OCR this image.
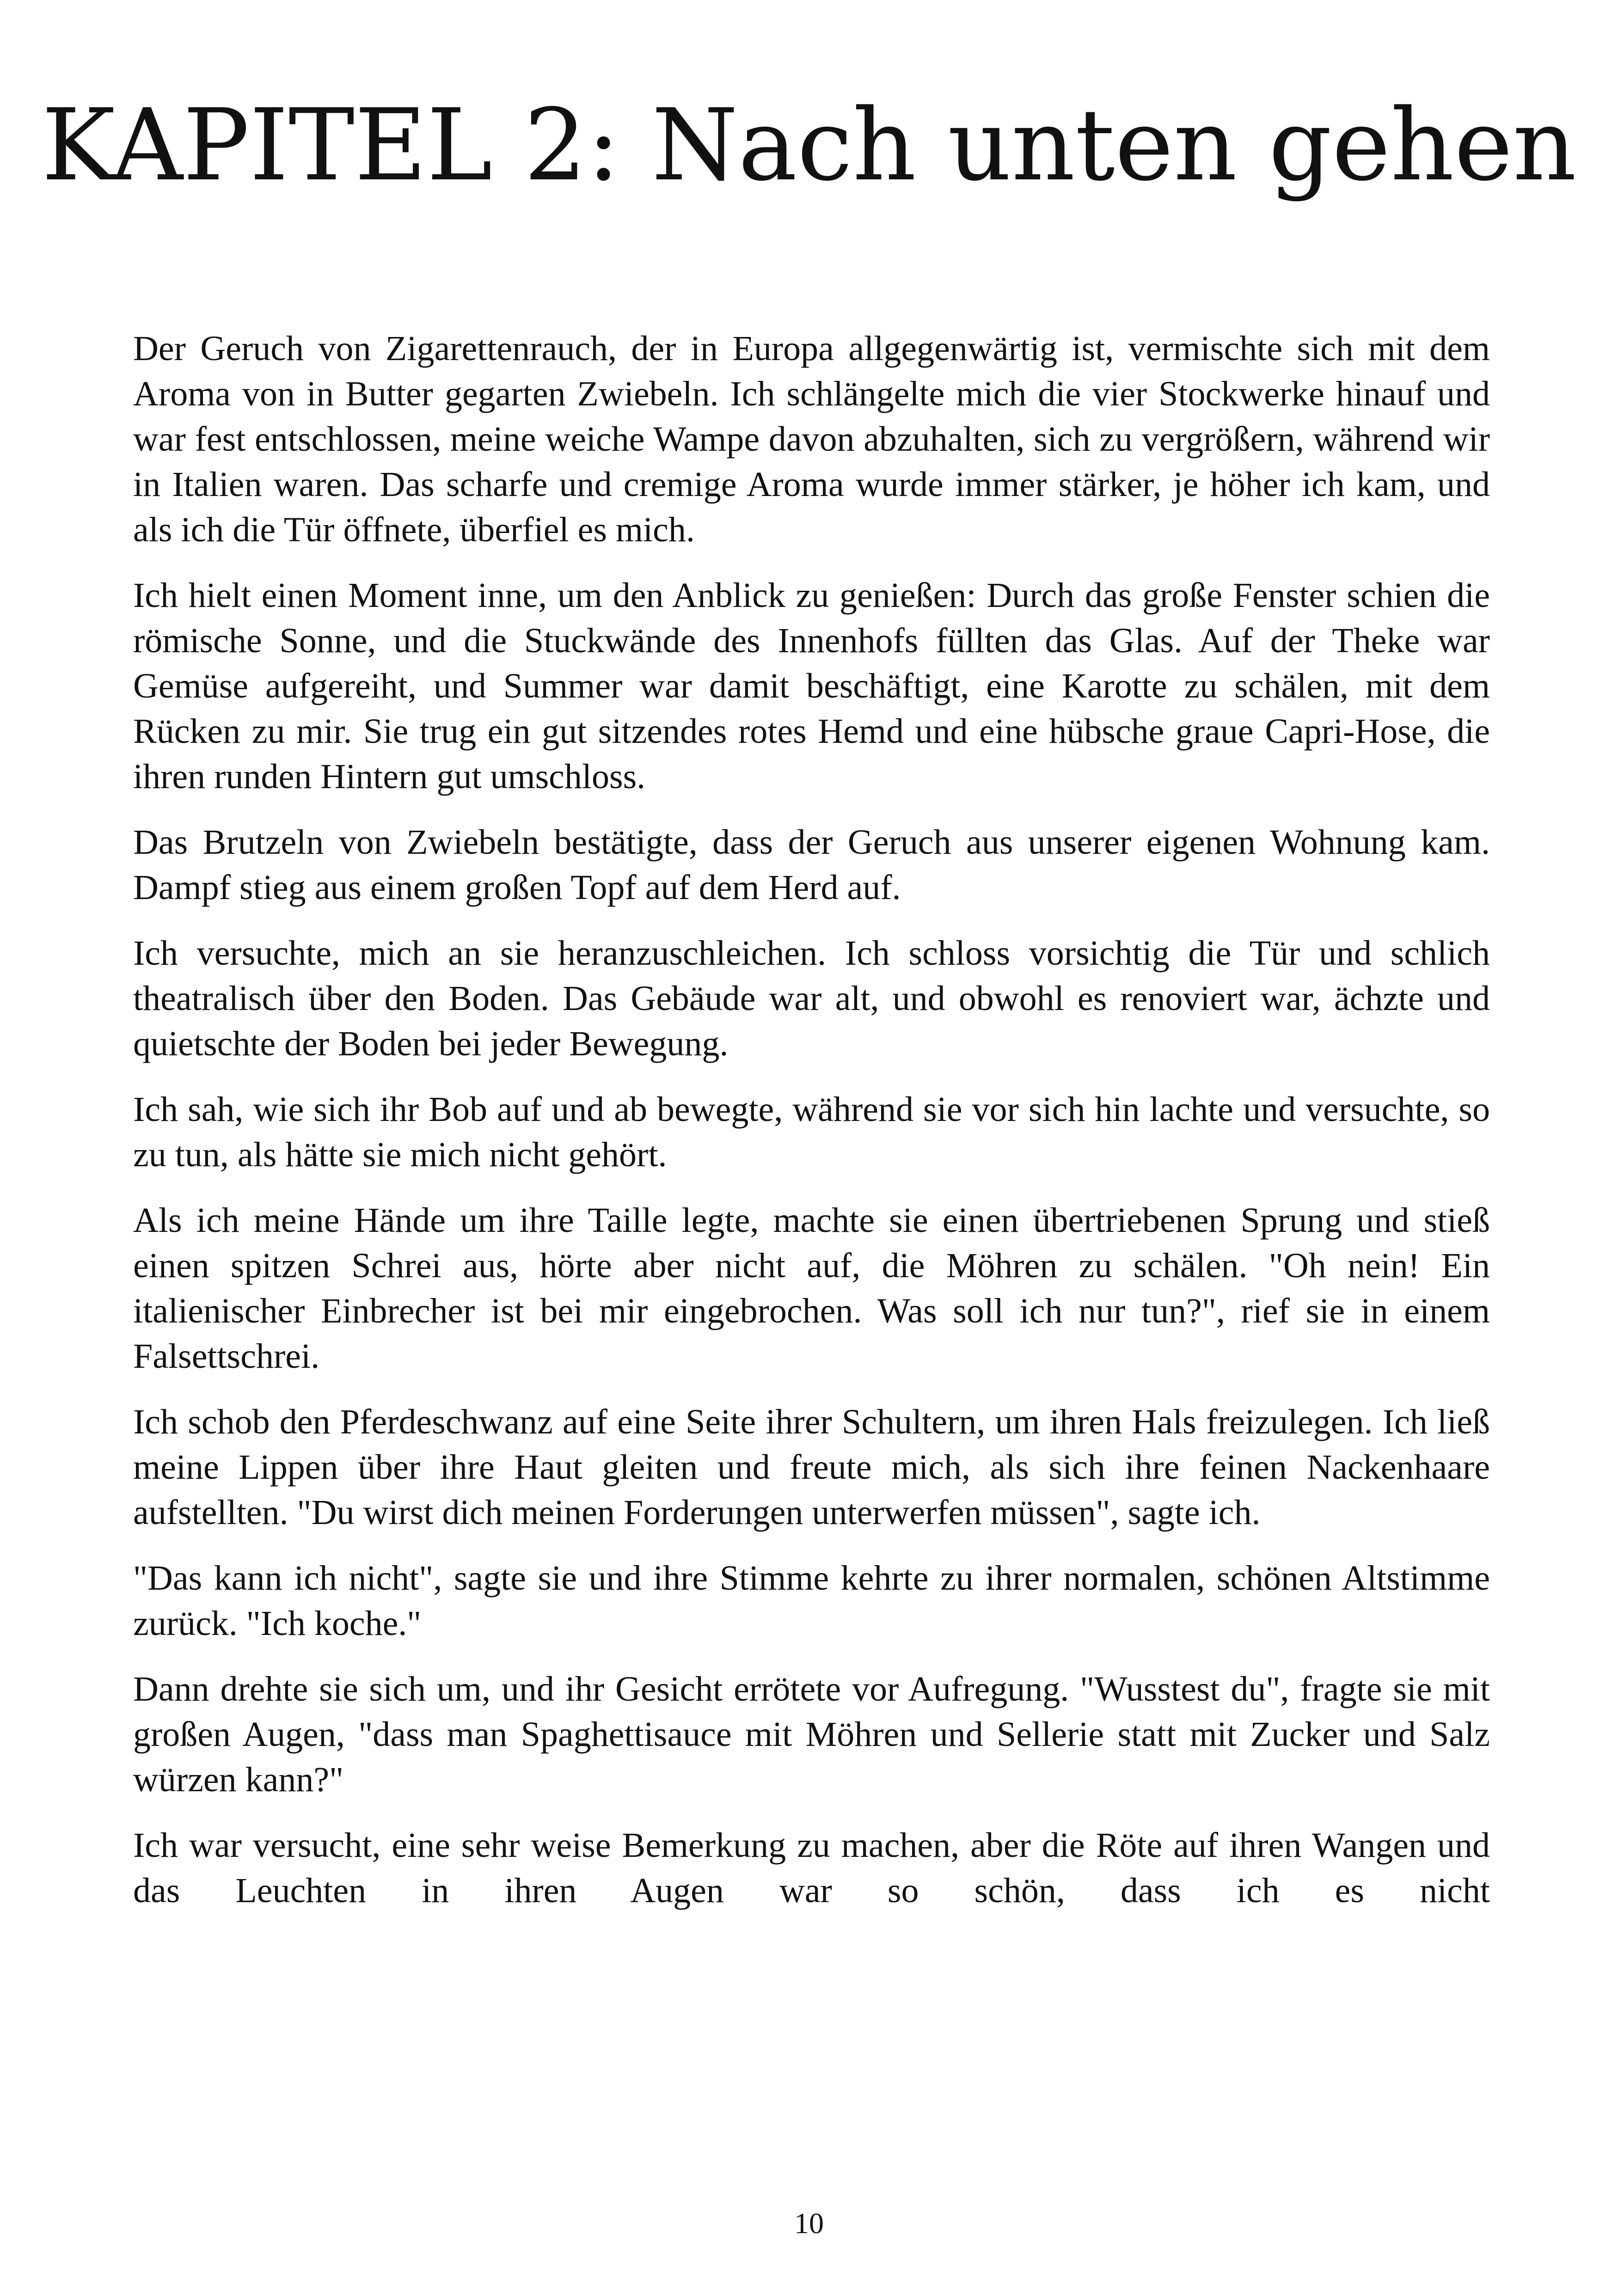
KAPITEL 2: Nach unten gehen

Der Geruch von Zigarettenrauch, der in Europa allgegenwärtig ist, vermischte sich mit dem Aroma von in Butter gegarten Zwiebeln. Ich schlängelte mich die vier Stockwerke hinauf und war fest entschlossen, meine weiche Wampe davon abzuhalten, sich zu vergrößern, während wir in Italien waren. Das scharfe und cremige Aroma wurde immer stärker, je höher ich kam, und als ich die Tür öffnete, überfiel es mich.

Ich hielt einen Moment inne, um den Anblick zu genießen: Durch das große Fenster schien die römische Sonne, und die Stuckwände des Innenhofs füllten das Glas. Auf der Theke war Gemüse aufgereiht, und Summer war damit beschäftigt, eine Karotte zu schälen, mit dem Rücken zu mir. Sie trug ein gut sitzendes rotes Hemd und eine hübsche graue Capri-Hose, die ihren runden Hintern gut umschloss.

Das Brutzeln von Zwiebeln bestätigte, dass der Geruch aus unserer eigenen Wohnung kam. Dampf stieg aus einem großen Topf auf dem Herd auf.

Ich versuchte, mich an sie heranzuschleichen. Ich schloss vorsichtig die Tür und schlich theatralisch über den Boden. Das Gebäude war alt, und obwohl es renoviert war, ächzte und quietschte der Boden bei jeder Bewegung.

Ich sah, wie sich ihr Bob auf und ab bewegte, während sie vor sich hin lachte und versuchte, so zu tun, als hätte sie mich nicht gehört.

Als ich meine Hände um ihre Taille legte, machte sie einen übertriebenen Sprung und stieß einen spitzen Schrei aus, hörte aber nicht auf, die Möhren zu schälen. "Oh nein! Ein italienischer Einbrecher ist bei mir eingebrochen. Was soll ich nur tun?", rief sie in einem Falsettschrei.

Ich schob den Pferdeschwanz auf eine Seite ihrer Schultern, um ihren Hals freizulegen. Ich ließ meine Lippen über ihre Haut gleiten und freute mich, als sich ihre feinen Nackenhaare aufstellten. "Du wirst dich meinen Forderungen unterwerfen müssen", sagte ich.

"Das kann ich nicht", sagte sie und ihre Stimme kehrte zu ihrer normalen, schönen Altstimme zurück. "Ich koche."

Dann drehte sie sich um, und ihr Gesicht errötete vor Aufregung. "Wusstest du", fragte sie mit großen Augen, "dass man Spaghettisauce mit Möhren und Sellerie statt mit Zucker und Salz würzen kann?"

Ich war versucht, eine sehr weise Bemerkung zu machen, aber die Röte auf ihren Wangen und das Leuchten in ihren Augen war so schön, dass ich es nicht

10
